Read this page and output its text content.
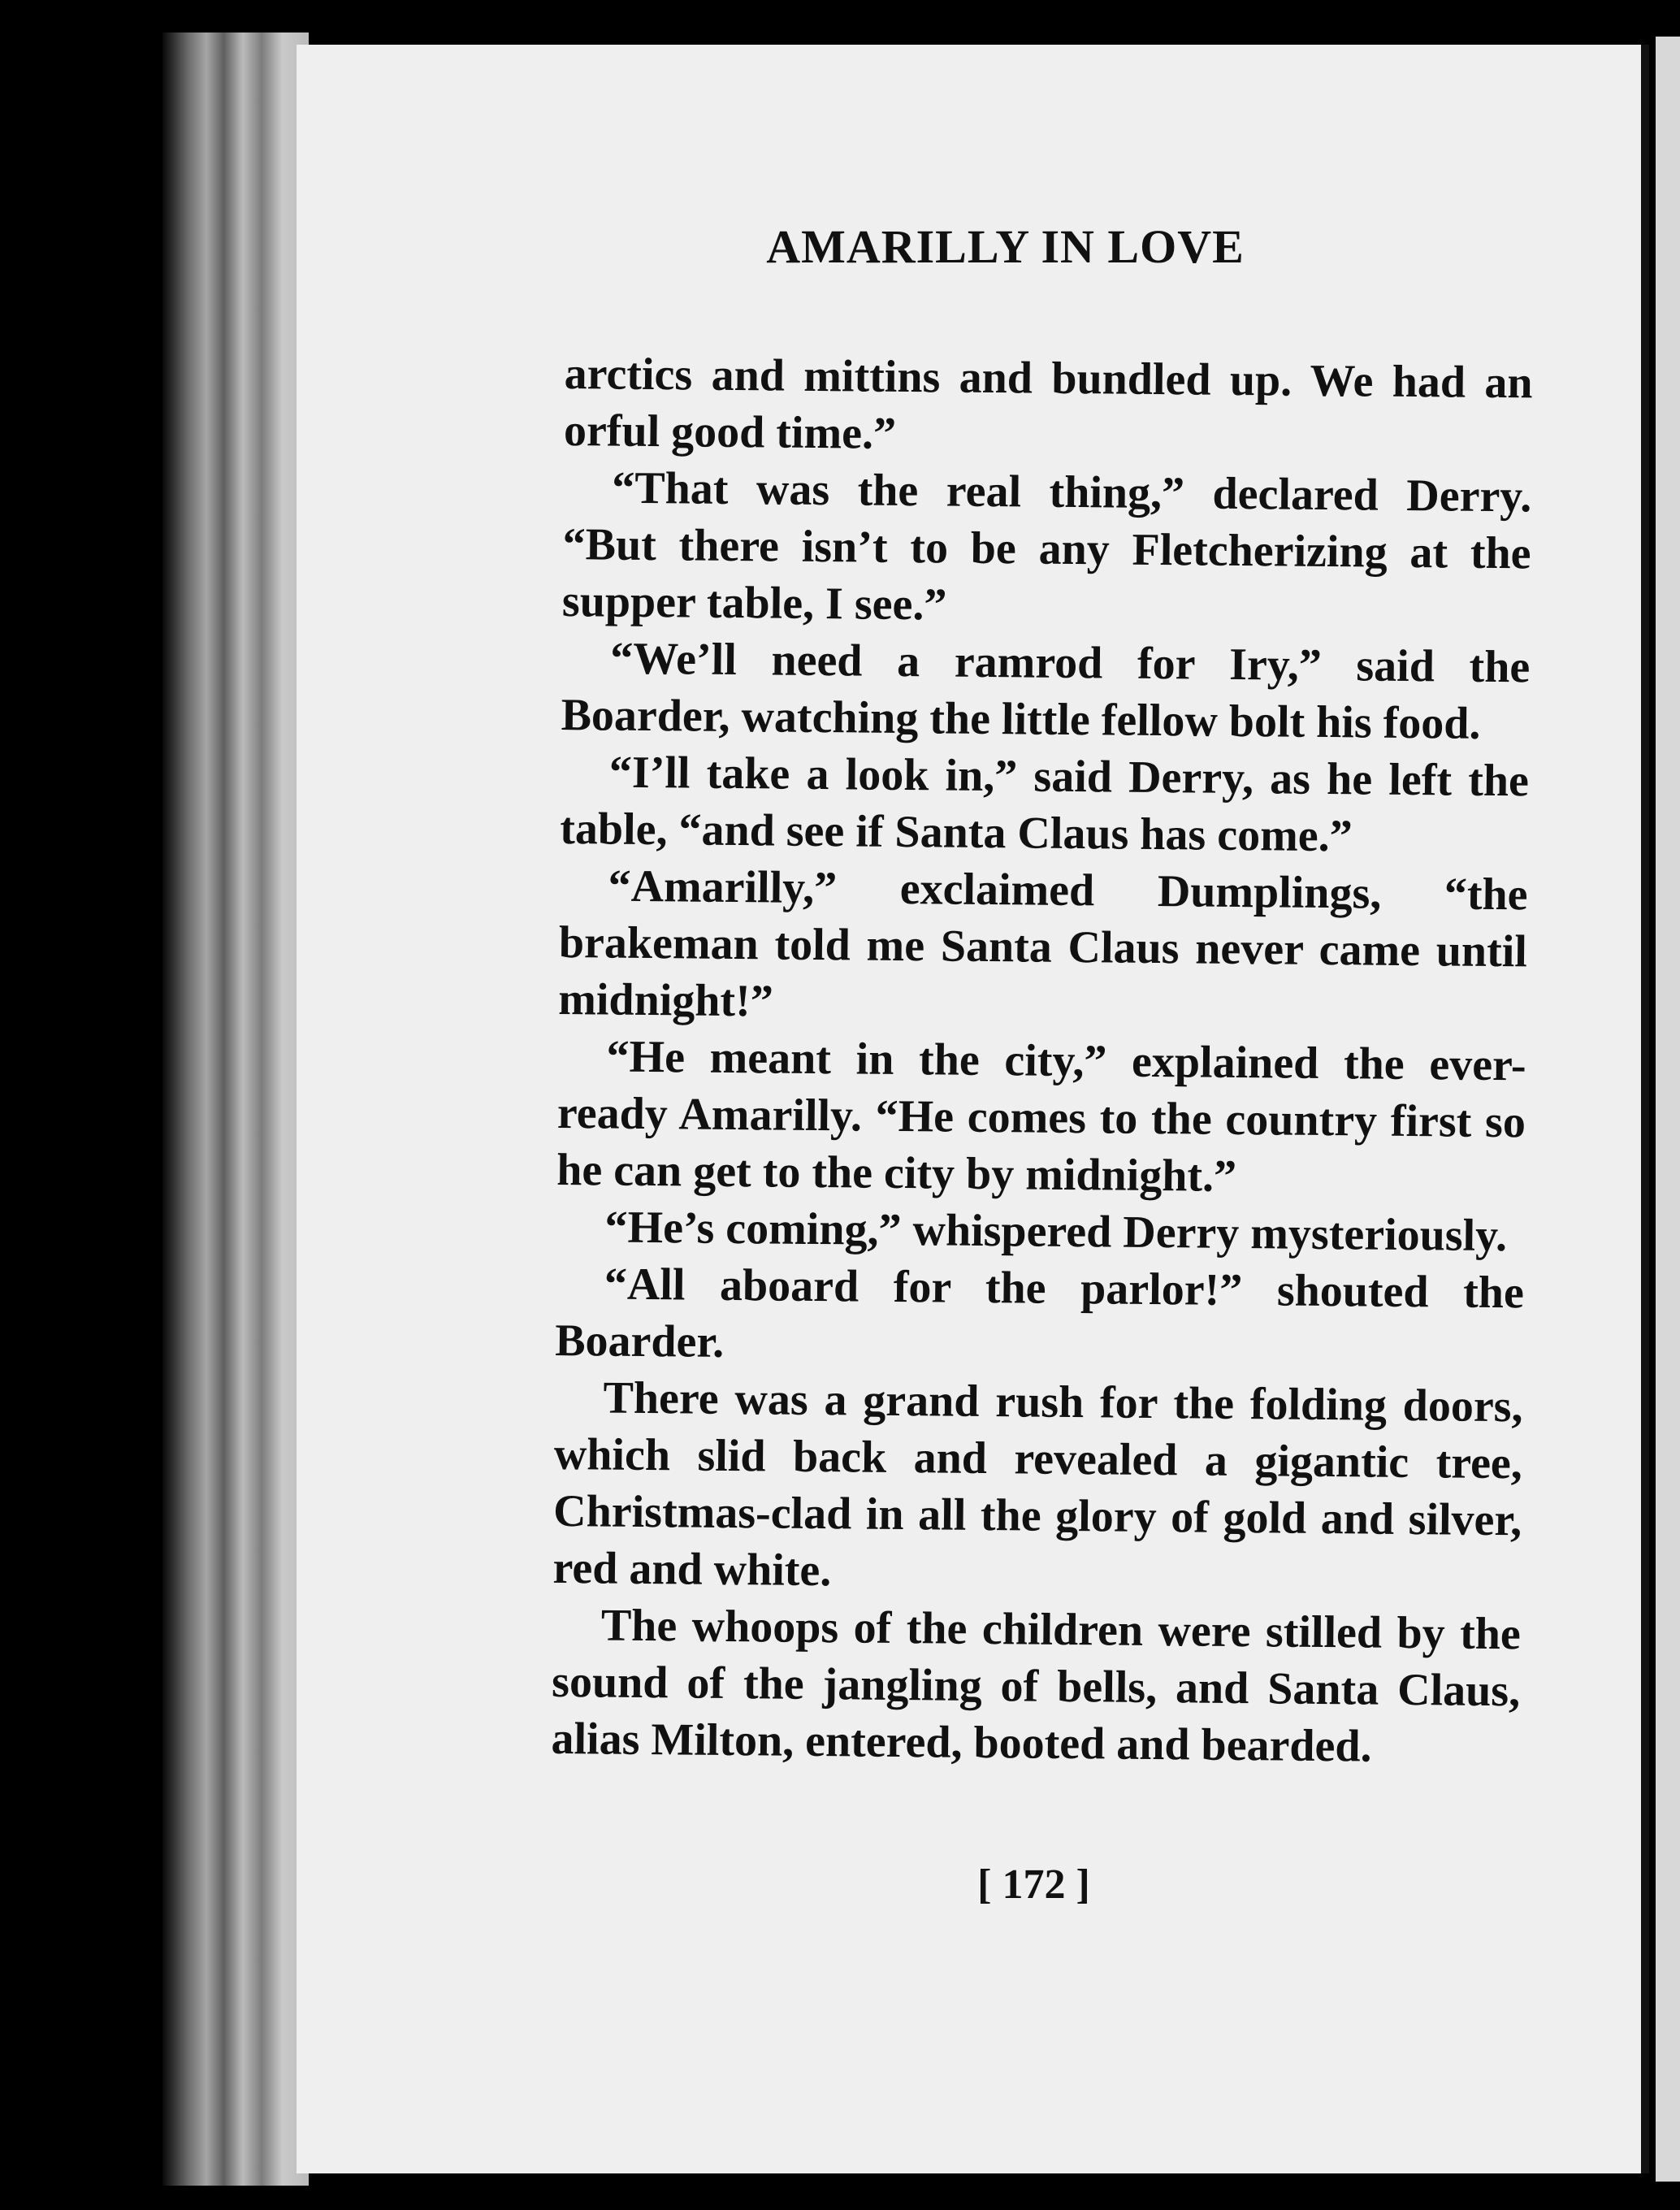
AMARILLY IN LOVE

arctics and mittins and bundled up. We had an orful good time.”

“That was the real thing,” declared Derry. “But there isn’t to be any Fletcherizing at the supper table, I see.”

“We’ll need a ramrod for Iry,” said the Boarder, watching the little fellow bolt his food.

“I’ll take a look in,” said Derry, as he left the table, “and see if Santa Claus has come.”

“Amarilly,” exclaimed Dumplings, “the brakeman told me Santa Claus never came until midnight!”

“He meant in the city,” explained the ever-ready Amarilly. “He comes to the country first so he can get to the city by midnight.”

“He’s coming,” whispered Derry mysteriously.

“All aboard for the parlor!” shouted the Boarder.

There was a grand rush for the folding doors, which slid back and revealed a gigantic tree, Christmas-clad in all the glory of gold and silver, red and white.

The whoops of the children were stilled by the sound of the jangling of bells, and Santa Claus, alias Milton, entered, booted and bearded.

[ 172 ]
